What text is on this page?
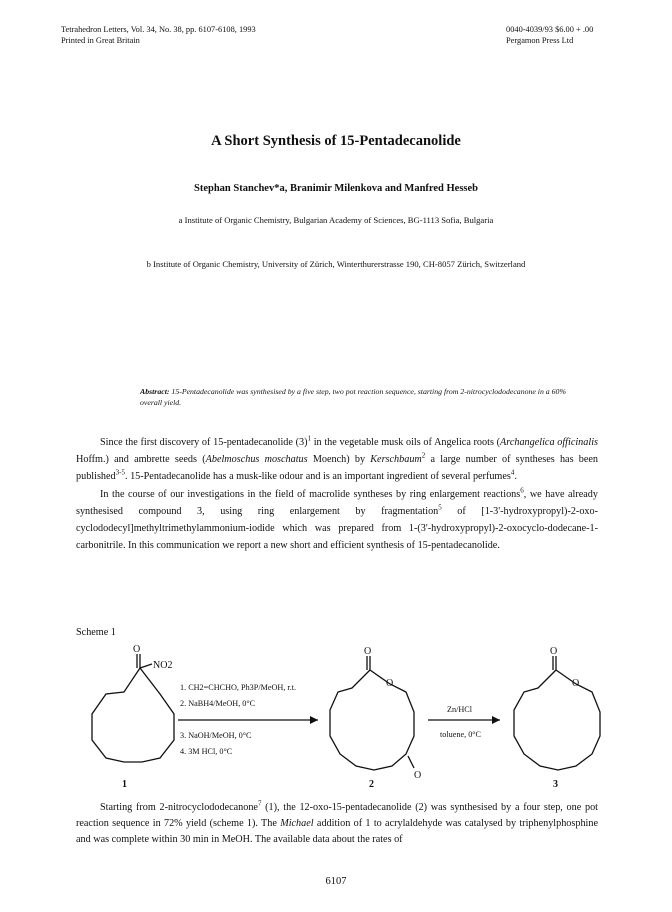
Tetrahedron Letters, Vol. 34, No. 38, pp. 6107-6108, 1993
Printed in Great Britain
0040-4039/93 $6.00 + .00
Pergamon Press Ltd
A Short Synthesis of 15-Pentadecanolide
Stephan Stanchev*a, Branimir Milenkova and Manfred Hesseb
a Institute of Organic Chemistry, Bulgarian Academy of Sciences, BG-1113 Sofia, Bulgaria
b Institute of Organic Chemistry, University of Zürich, Winterthurerstrasse 190, CH-8057 Zürich, Switzerland
Abstract: 15-Pentadecanolide was synthesised by a five step, two pot reaction sequence, starting from 2-nitrocyclododecanone in a 60% overall yield.

Since the first discovery of 15-pentadecanolide $(3)^1$ in the vegetable musk oils of Angelica roots (Archangelica officinalis Hoffm.) and ambrette seeds (Abelmoschus moschatus Moench) by Kerschbaum$^2$ a large number of syntheses has been published$^{3-5}$. 15-Pentadecanolide has a musk-like odour and is an important ingredient of several perfumes$^4$.

In the course of our investigations in the field of macrolide syntheses by ring enlargement reactions$^6$, we have already synthesised compound 3, using ring enlargement by fragmentation$^5$ of [1-3'-hydroxypropyl)-2-oxo-cyclododecyl]methyltrimethylammonium-iodide which was prepared from 1-(3'-hydroxypropyl)-2-oxocyclo-dodecane-1-carbonitrile. In this communication we report a new short and efficient synthesis of 15-pentadecanolide.

Scheme 1
O
NO2
O
O
O
O
O
1. CH2=CHCHO, Ph3P/MeOH, r.t.
2. NaBH4/MeOH, 0°C
3. NaOH/MeOH, 0°C
4. 3M HCl, 0°C
Zn/HCl
toluene, 0°C
1	2	3

Starting from 2-nitrocyclododecanone$^7$ (1), the 12-oxo-15-pentadecanolide (2) was synthesised by a four step, one pot reaction sequence in 72% yield (scheme 1). The Michael addition of 1 to acrylaldehyde was catalysed by triphenylphosphine and was complete within 30 min in MeOH. The available data about the rates of

6107
